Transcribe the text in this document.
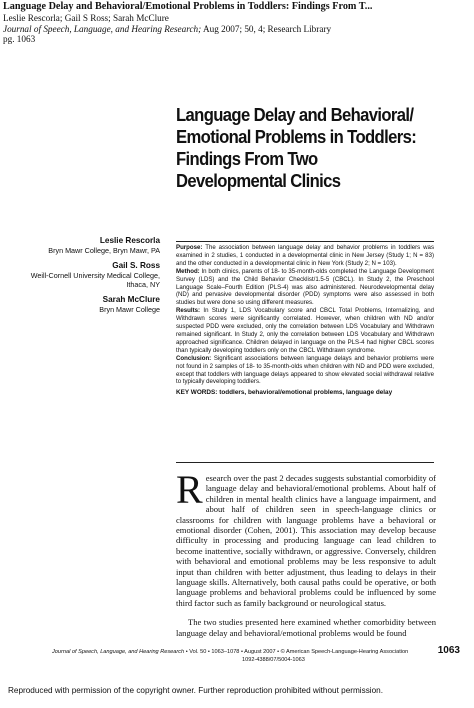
Language Delay and Behavioral/Emotional Problems in Toddlers: Findings From T...
Leslie Rescorla; Gail S Ross; Sarah McClure
Journal of Speech, Language, and Hearing Research; Aug 2007; 50, 4; Research Library
pg. 1063
Language Delay and Behavioral/ Emotional Problems in Toddlers: Findings From Two Developmental Clinics
Leslie Rescorla
Bryn Mawr College, Bryn Mawr, PA
Gail S. Ross
Weill-Cornell University Medical College, Ithaca, NY
Sarah McClure
Bryn Mawr College

Purpose: The association between language delay and behavior problems in toddlers was examined in 2 studies, 1 conducted in a developmental clinic in New Jersey (Study 1; N = 83) and the other conducted in a developmental clinic in New York (Study 2; N = 103).

Method: In both clinics, parents of 18- to 35-month-olds completed the Language Development Survey (LDS) and the Child Behavior Checklist/1.5-5 (CBCL). In Study 2, the Preschool Language Scale–Fourth Edition (PLS-4) was also administered. Neurodevelopmental delay (ND) and pervasive developmental disorder (PDD) symptoms were also assessed in both studies but were done so using different measures.

Results: In Study 1, LDS Vocabulary score and CBCL Total Problems, Internalizing, and Withdrawn scores were significantly correlated. However, when children with ND and/or suspected PDD were excluded, only the correlation between LDS Vocabulary and Withdrawn remained significant. In Study 2, only the correlation between LDS Vocabulary and Withdrawn approached significance. Children delayed in language on the PLS-4 had higher CBCL scores than typically developing toddlers only on the CBCL Withdrawn syndrome.

Conclusion: Significant associations between language delays and behavior problems were not found in 2 samples of 18- to 35-month-olds when children with ND and PDD were excluded, except that toddlers with language delays appeared to show elevated social withdrawal relative to typically developing toddlers.

KEY WORDS: toddlers, behavioral/emotional problems, language delay

Research over the past 2 decades suggests substantial comorbidity of language delay and behavioral/emotional problems. About half of children in mental health clinics have a language impairment, and about half of children seen in speech-language clinics or classrooms for children with language problems have a behavioral or emotional disorder (Cohen, 2001). This association may develop because difficulty in processing and producing language can lead children to become inattentive, socially withdrawn, or aggressive. Conversely, children with behavioral and emotional problems may be less responsive to adult input than children with better adjustment, thus leading to delays in their language skills. Alternatively, both causal paths could be operative, or both language problems and behavioral problems could be influenced by some third factor such as family background or neurological status.

The two studies presented here examined whether comorbidity between language delay and behavioral/emotional problems would be found

Journal of Speech, Language, and Hearing Research • Vol. 50 • 1063–1078 • August 2007 • © American Speech-Language-Hearing Association	1063
1092-4388/07/5004-1063
Reproduced with permission of the copyright owner. Further reproduction prohibited without permission.
